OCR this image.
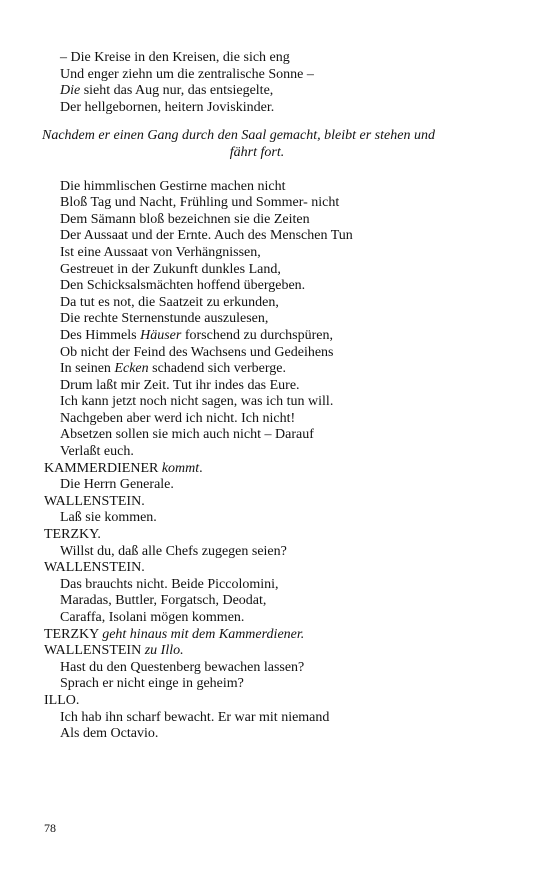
– Die Kreise in den Kreisen, die sich eng
Und enger ziehn um die zentralische Sonne –
Die sieht das Aug nur, das entsiegelte,
Der hellgebornen, heitern Joviskinder.
Nachdem er einen Gang durch den Saal gemacht, bleibt er stehen und
fährt fort.
Die himmlischen Gestirne machen nicht
Bloß Tag und Nacht, Frühling und Sommer- nicht
Dem Sämann bloß bezeichnen sie die Zeiten
Der Aussaat und der Ernte. Auch des Menschen Tun
Ist eine Aussaat von Verhängnissen,
Gestreuet in der Zukunft dunkles Land,
Den Schicksalsmächten hoffend übergeben.
Da tut es not, die Saatzeit zu erkunden,
Die rechte Sternenstunde auszulesen,
Des Himmels Häuser forschend zu durchspüren,
Ob nicht der Feind des Wachsens und Gedeihens
In seinen Ecken schadend sich verberge.
Drum laßt mir Zeit. Tut ihr indes das Eure.
Ich kann jetzt noch nicht sagen, was ich tun will.
Nachgeben aber werd ich nicht. Ich nicht!
Absetzen sollen sie mich auch nicht – Darauf
Verlaßt euch.
KAMMERDIENER kommt.
Die Herrn Generale.
WALLENSTEIN.
Laß sie kommen.
TERZKY.
Willst du, daß alle Chefs zugegen seien?
WALLENSTEIN.
Das brauchts nicht. Beide Piccolomini,
Maradas, Buttler, Forgatsch, Deodat,
Caraffa, Isolani mögen kommen.
TERZKY geht hinaus mit dem Kammerdiener.
WALLENSTEIN zu Illo.
Hast du den Questenberg bewachen lassen?
Sprach er nicht einge in geheim?
ILLO.
Ich hab ihn scharf bewacht. Er war mit niemand
Als dem Octavio.
78
